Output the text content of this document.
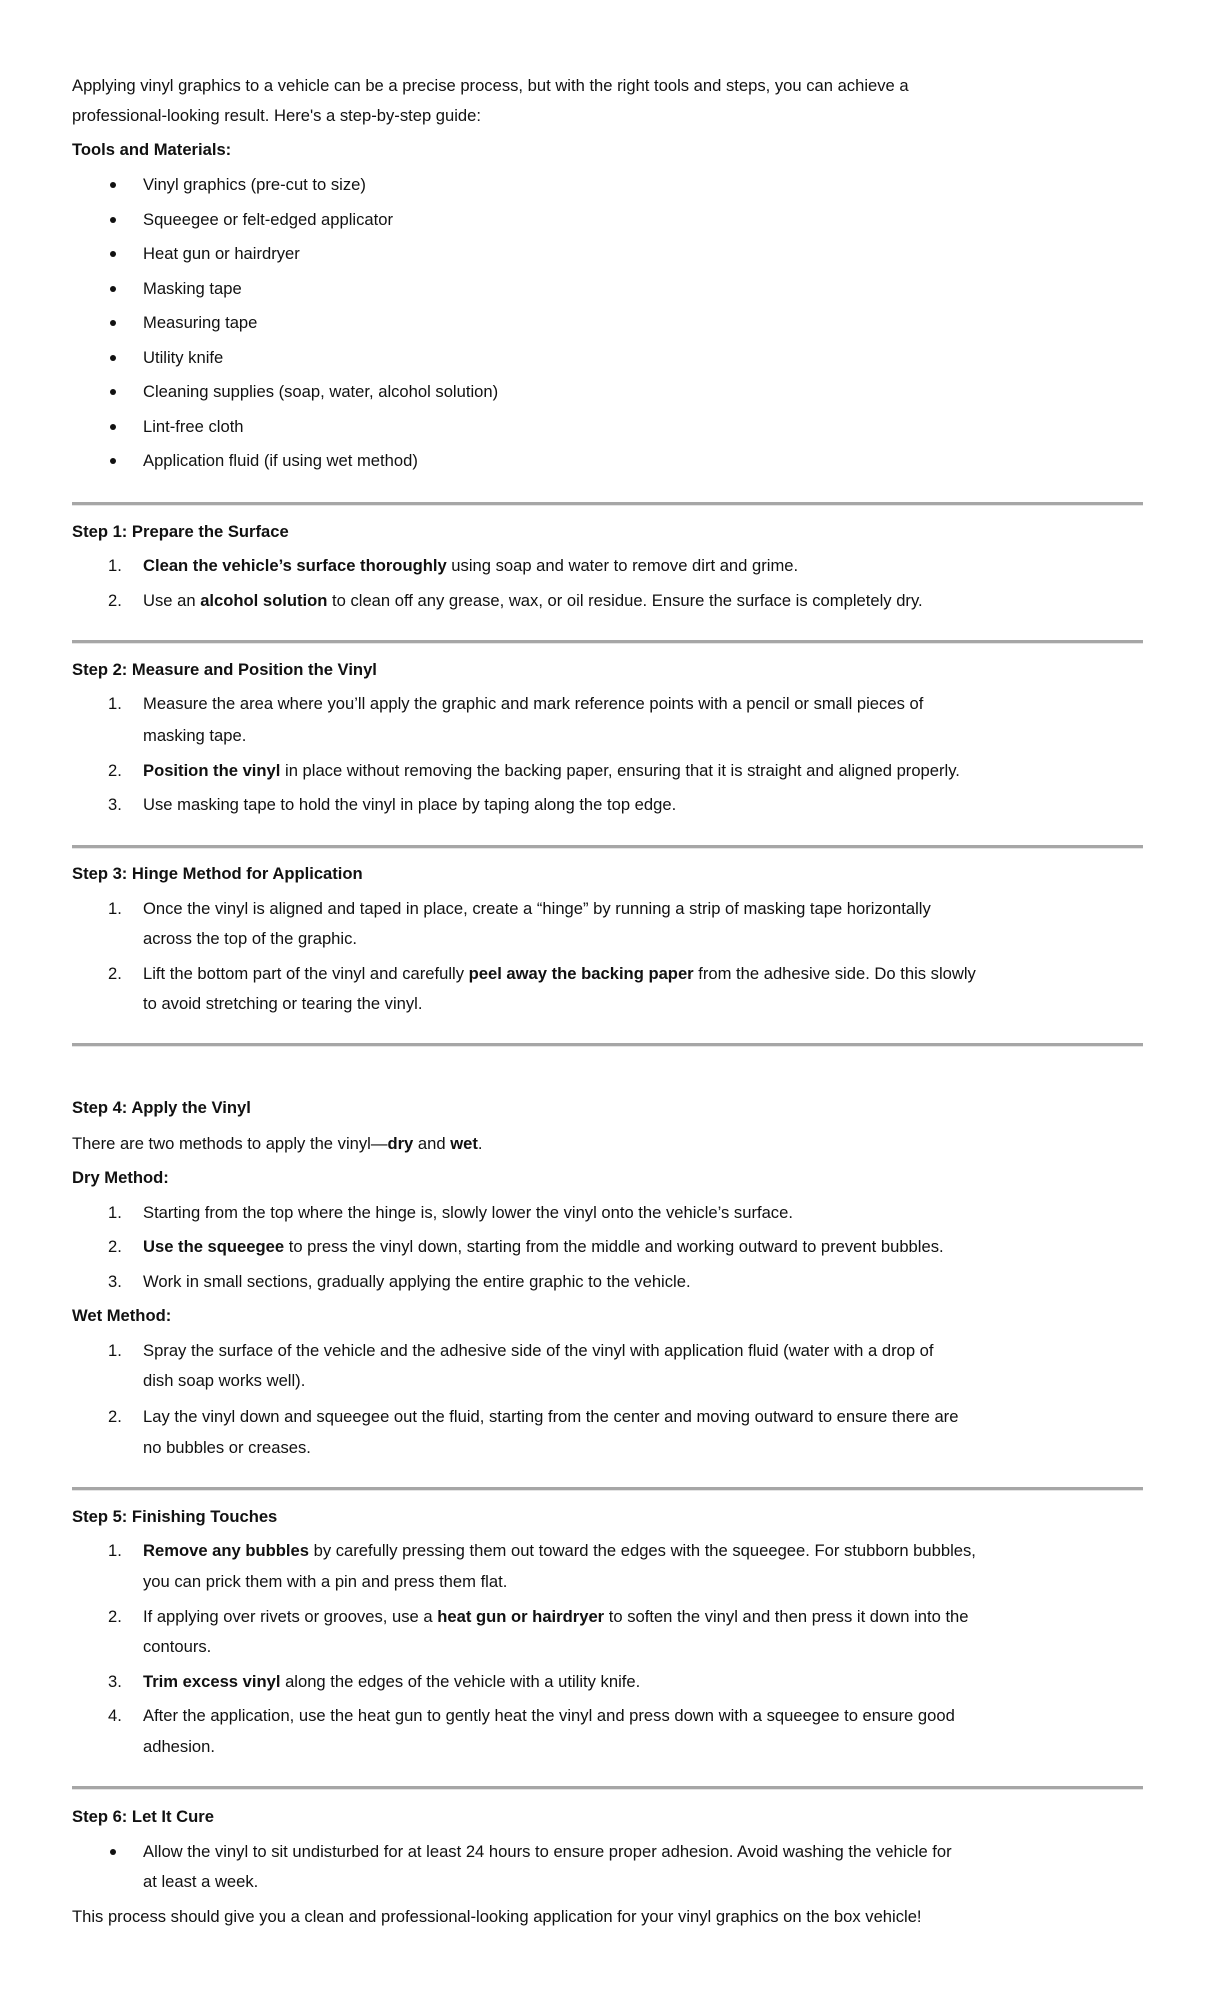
Applying vinyl graphics to a vehicle can be a precise process, but with the right tools and steps, you can achieve a
professional-looking result. Here's a step-by-step guide:
Tools and Materials:
Vinyl graphics (pre-cut to size)
Squeegee or felt-edged applicator
Heat gun or hairdryer
Masking tape
Measuring tape
Utility knife
Cleaning supplies (soap, water, alcohol solution)
Lint-free cloth
Application fluid (if using wet method)
Step 1: Prepare the Surface
1. Clean the vehicle’s surface thoroughly using soap and water to remove dirt and grime.
2. Use an alcohol solution to clean off any grease, wax, or oil residue. Ensure the surface is completely dry.
Step 2: Measure and Position the Vinyl
1. Measure the area where you’ll apply the graphic and mark reference points with a pencil or small pieces of
masking tape.
2. Position the vinyl in place without removing the backing paper, ensuring that it is straight and aligned properly.
3. Use masking tape to hold the vinyl in place by taping along the top edge.
Step 3: Hinge Method for Application
1. Once the vinyl is aligned and taped in place, create a “hinge” by running a strip of masking tape horizontally
across the top of the graphic.
2. Lift the bottom part of the vinyl and carefully peel away the backing paper from the adhesive side. Do this slowly
to avoid stretching or tearing the vinyl.
Step 4: Apply the Vinyl
There are two methods to apply the vinyl—dry and wet.
Dry Method:
1. Starting from the top where the hinge is, slowly lower the vinyl onto the vehicle’s surface.
2. Use the squeegee to press the vinyl down, starting from the middle and working outward to prevent bubbles.
3. Work in small sections, gradually applying the entire graphic to the vehicle.
Wet Method:
1. Spray the surface of the vehicle and the adhesive side of the vinyl with application fluid (water with a drop of
dish soap works well).
2. Lay the vinyl down and squeegee out the fluid, starting from the center and moving outward to ensure there are
no bubbles or creases.
Step 5: Finishing Touches
1. Remove any bubbles by carefully pressing them out toward the edges with the squeegee. For stubborn bubbles,
you can prick them with a pin and press them flat.
2. If applying over rivets or grooves, use a heat gun or hairdryer to soften the vinyl and then press it down into the
contours.
3. Trim excess vinyl along the edges of the vehicle with a utility knife.
4. After the application, use the heat gun to gently heat the vinyl and press down with a squeegee to ensure good
adhesion.
Step 6: Let It Cure
Allow the vinyl to sit undisturbed for at least 24 hours to ensure proper adhesion. Avoid washing the vehicle for
at least a week.
This process should give you a clean and professional-looking application for your vinyl graphics on the box vehicle!
